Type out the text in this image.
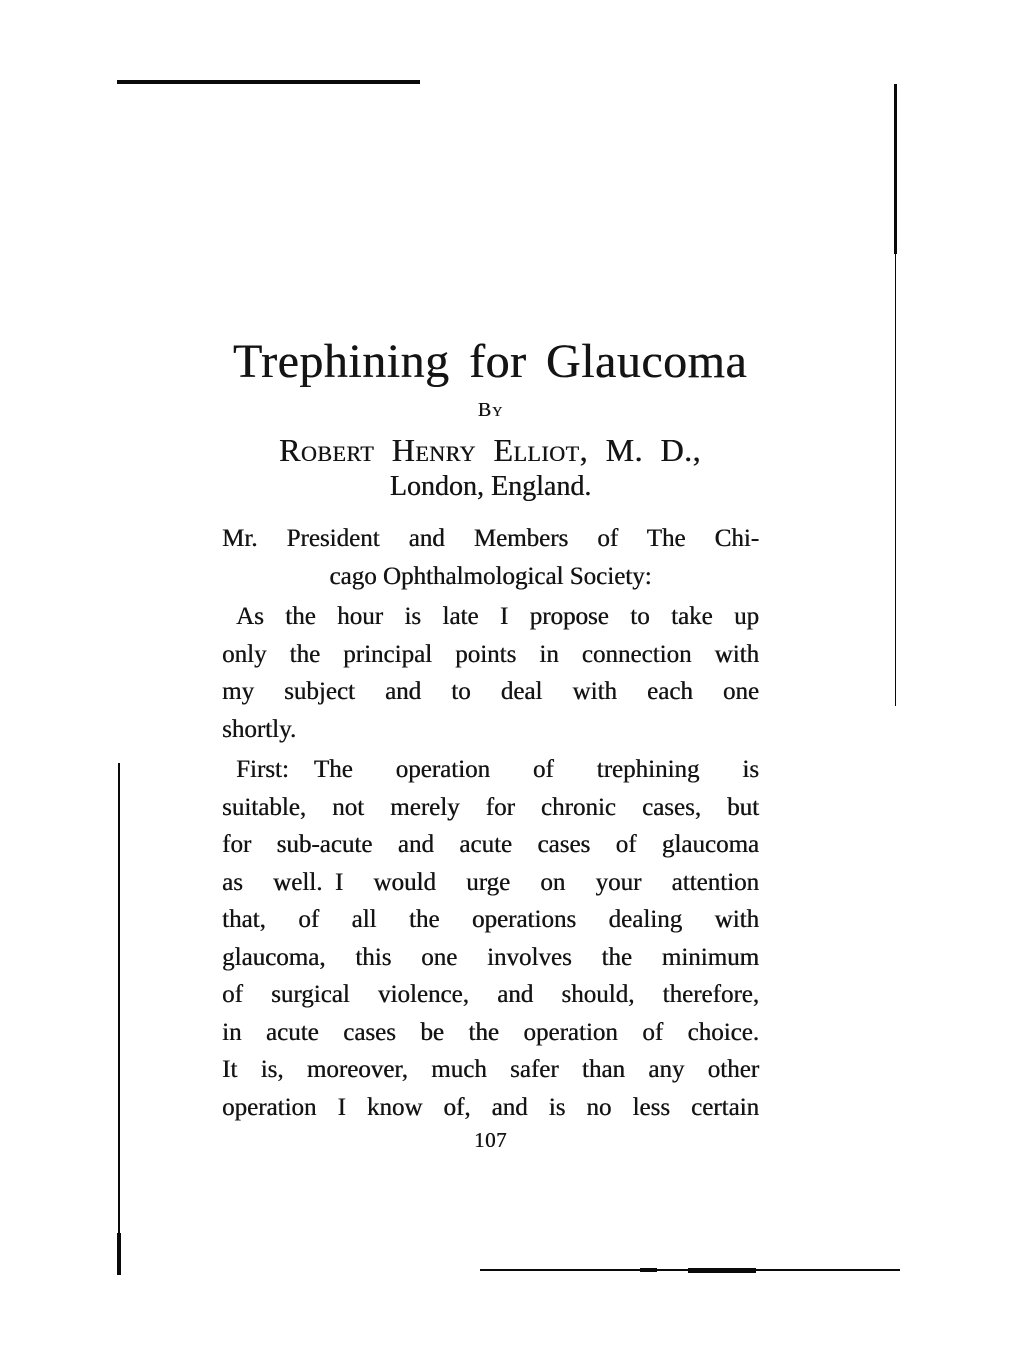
Trephining for Glaucoma
By
Robert Henry Elliot, M. D.,
London, England.
Mr. President and Members of The Chi-
cago Ophthalmological Society:
As the hour is late I propose to take up
only the principal points in connection with
my subject and to deal with each one
shortly.
First: The operation of trephining is
suitable, not merely for chronic cases, but
for sub-acute and acute cases of glaucoma
as well. I would urge on your attention
that, of all the operations dealing with
glaucoma, this one involves the minimum
of surgical violence, and should, therefore,
in acute cases be the operation of choice.
It is, moreover, much safer than any other
operation I know of, and is no less certain
107
